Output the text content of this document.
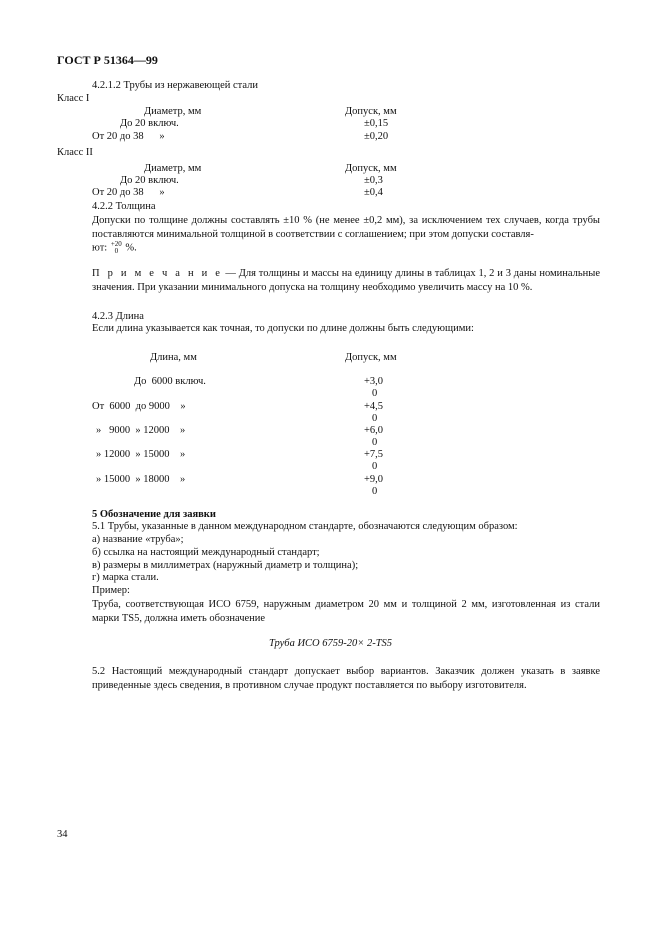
ГОСТ Р 51364—99
4.2.1.2 Трубы из нержавеющей стали
Класс I
Диаметр, мм	Допуск, мм
До 20 включ.	±0,15
От 20 до 38      »	±0,20
Класс II
Диаметр, мм	Допуск, мм
До 20 включ.	±0,3
От 20 до 38      »	±0,4
4.2.2 Толщина
Допуски по толщине должны составлять ±10 % (не менее ±0,2 мм), за исключением тех случаев, когда трубы поставляются минимальной толщиной в соответствии с соглашением; при этом допуски составля-
ют: +20
0 %.
П р и м е ч а н и е — Для толщины и массы на единицу длины в таблицах 1, 2 и 3 даны номинальные значения. При указании минимального допуска на толщину необходимо увеличить массу на 10 %.
4.2.3 Длина
Если длина указывается как точная, то допуски по длине должны быть следующими:
Длина, мм	Допуск, мм
До  6000 включ.	+3,0
0
От  6000  до 9000    »	+4,5
0
»   9000  » 12000    »	+6,0
0
» 12000  » 15000    »	+7,5
0
» 15000  » 18000    »	+9,0
0
5 Обозначение для заявки
5.1 Трубы, указанные в данном международном стандарте, обозначаются следующим образом:
а) название «труба»;
б) ссылка на настоящий международный стандарт;
в) размеры в миллиметрах (наружный диаметр и толщина);
г) марка стали.
Пример:
Труба, соответствующая ИСО 6759, наружным диаметром 20 мм и толщиной 2 мм, изготовленная из стали марки TS5, должна иметь обозначение
Труба ИСО 6759-20× 2-TS5
5.2 Настоящий международный стандарт допускает выбор вариантов. Заказчик должен указать в заявке приведенные здесь сведения, в противном случае продукт поставляется по выбору изготовителя.
34
